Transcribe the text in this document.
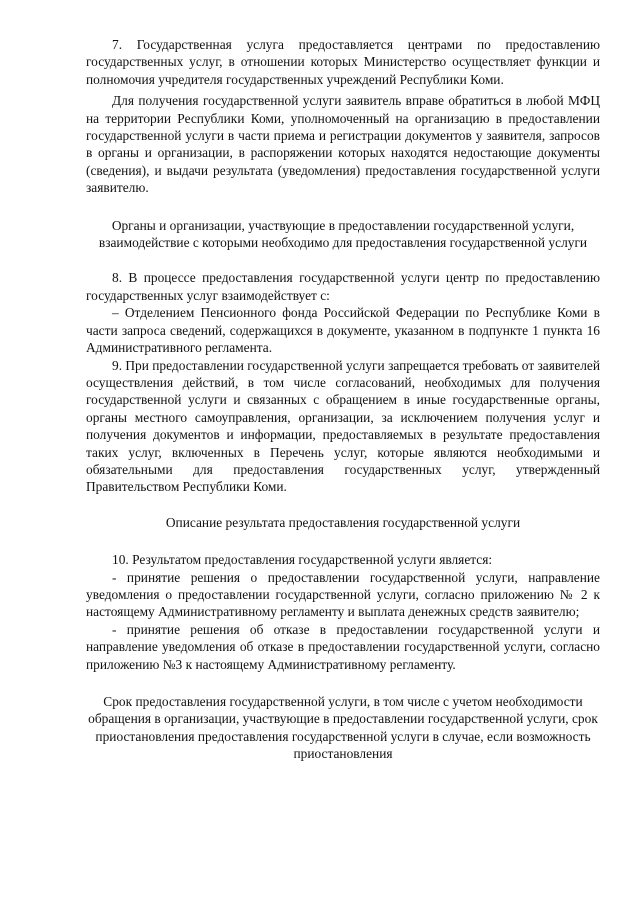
7. Государственная услуга предоставляется центрами по предоставлению государственных услуг, в отношении которых Министерство осуществляет функции и полномочия учредителя государственных учреждений Республики Коми.

Для получения государственной услуги заявитель вправе обратиться в любой МФЦ на территории Республики Коми, уполномоченный на организацию в предоставлении государственной услуги в части приема и регистрации документов у заявителя, запросов в органы и организации, в распоряжении которых находятся недостающие документы (сведения), и выдачи результата (уведомления) предоставления государственной услуги заявителю.

Органы и организации, участвующие в предоставлении государственной услуги, взаимодействие с которыми необходимо для предоставления государственной услуги

8. В процессе предоставления государственной услуги центр по предоставлению государственных услуг взаимодействует с:

– Отделением Пенсионного фонда Российской Федерации по Республике Коми в части запроса сведений, содержащихся в документе, указанном в подпункте 1 пункта 16 Административного регламента.

9. При предоставлении государственной услуги запрещается требовать от заявителей осуществления действий, в том числе согласований, необходимых для получения государственной услуги и связанных с обращением в иные государственные органы, органы местного самоуправления, организации, за исключением получения услуг и получения документов и информации, предоставляемых в результате предоставления таких услуг, включенных в Перечень услуг, которые являются необходимыми и обязательными для предоставления государственных услуг, утвержденный Правительством Республики Коми.

Описание результата предоставления государственной услуги

10. Результатом предоставления государственной услуги является:

- принятие решения о предоставлении государственной услуги, направление уведомления о предоставлении государственной услуги, согласно приложению № 2 к настоящему Административному регламенту и выплата денежных средств заявителю;

- принятие решения об отказе в предоставлении государственной услуги и направление уведомления об отказе в предоставлении государственной услуги, согласно приложению №3 к настоящему Административному регламенту.

Срок предоставления государственной услуги, в том числе с учетом необходимости обращения в организации, участвующие в предоставлении государственной услуги, срок приостановления предоставления государственной услуги в случае, если возможность приостановления
